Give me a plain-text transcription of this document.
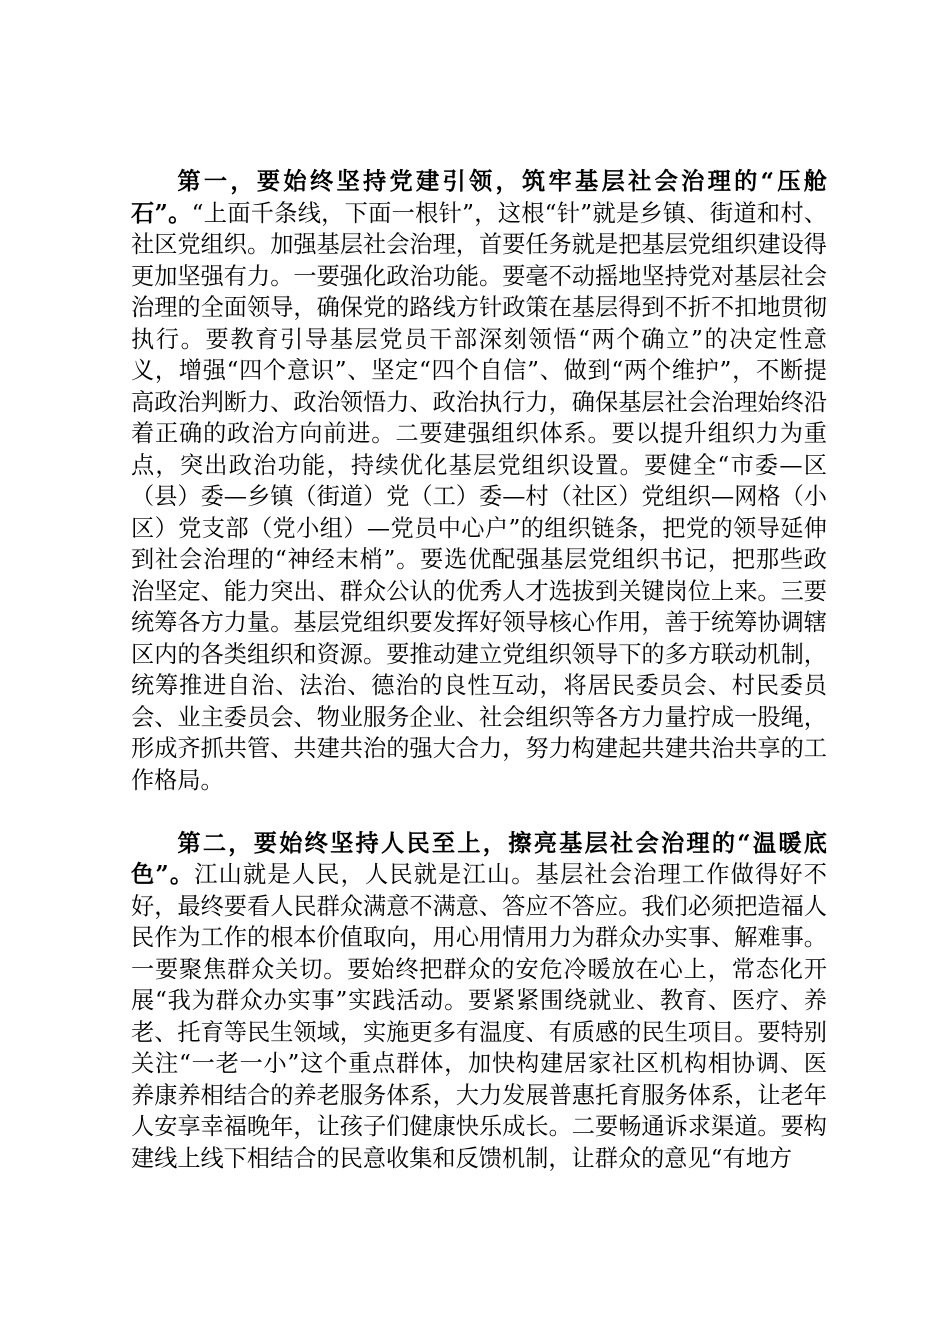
第一，要始终坚持党建引领，筑牢基层社会治理的“压舱石”。“上面千条线，下面一根针”，这根“针”就是乡镇、街道和村、社区党组织。加强基层社会治理，首要任务就是把基层党组织建设得更加坚强有力。一要强化政治功能。要毫不动摇地坚持党对基层社会治理的全面领导，确保党的路线方针政策在基层得到不折不扣地贯彻执行。要教育引导基层党员干部深刻领悟“两个确立”的决定性意义，增强“四个意识”、坚定“四个自信”、做到“两个维护”，不断提高政治判断力、政治领悟力、政治执行力，确保基层社会治理始终沿着正确的政治方向前进。二要建强组织体系。要以提升组织力为重点，突出政治功能，持续优化基层党组织设置。要健全“市委—区（县）委—乡镇（街道）党（工）委—村（社区）党组织—网格（小区）党支部（党小组）—党员中心户”的组织链条，把党的领导延伸到社会治理的“神经末梢”。要选优配强基层党组织书记，把那些政治坚定、能力突出、群众公认的优秀人才选拔到关键岗位上来。三要统筹各方力量。基层党组织要发挥好领导核心作用，善于统筹协调辖区内的各类组织和资源。要推动建立党组织领导下的多方联动机制，统筹推进自治、法治、德治的良性互动，将居民委员会、村民委员会、业主委员会、物业服务企业、社会组织等各方力量拧成一股绳，形成齐抓共管、共建共治的强大合力，努力构建起共建共治共享的工作格局。

第二，要始终坚持人民至上，擦亮基层社会治理的“温暖底色”。江山就是人民，人民就是江山。基层社会治理工作做得好不好，最终要看人民群众满意不满意、答应不答应。我们必须把造福人民作为工作的根本价值取向，用心用情用力为群众办实事、解难事。一要聚焦群众关切。要始终把群众的安危冷暖放在心上，常态化开展“我为群众办实事”实践活动。要紧紧围绕就业、教育、医疗、养老、托育等民生领域，实施更多有温度、有质感的民生项目。要特别关注“一老一小”这个重点群体，加快构建居家社区机构相协调、医养康养相结合的养老服务体系，大力发展普惠托育服务体系，让老年人安享幸福晚年，让孩子们健康快乐成长。二要畅通诉求渠道。要构建线上线下相结合的民意收集和反馈机制，让群众的意见“有地方
